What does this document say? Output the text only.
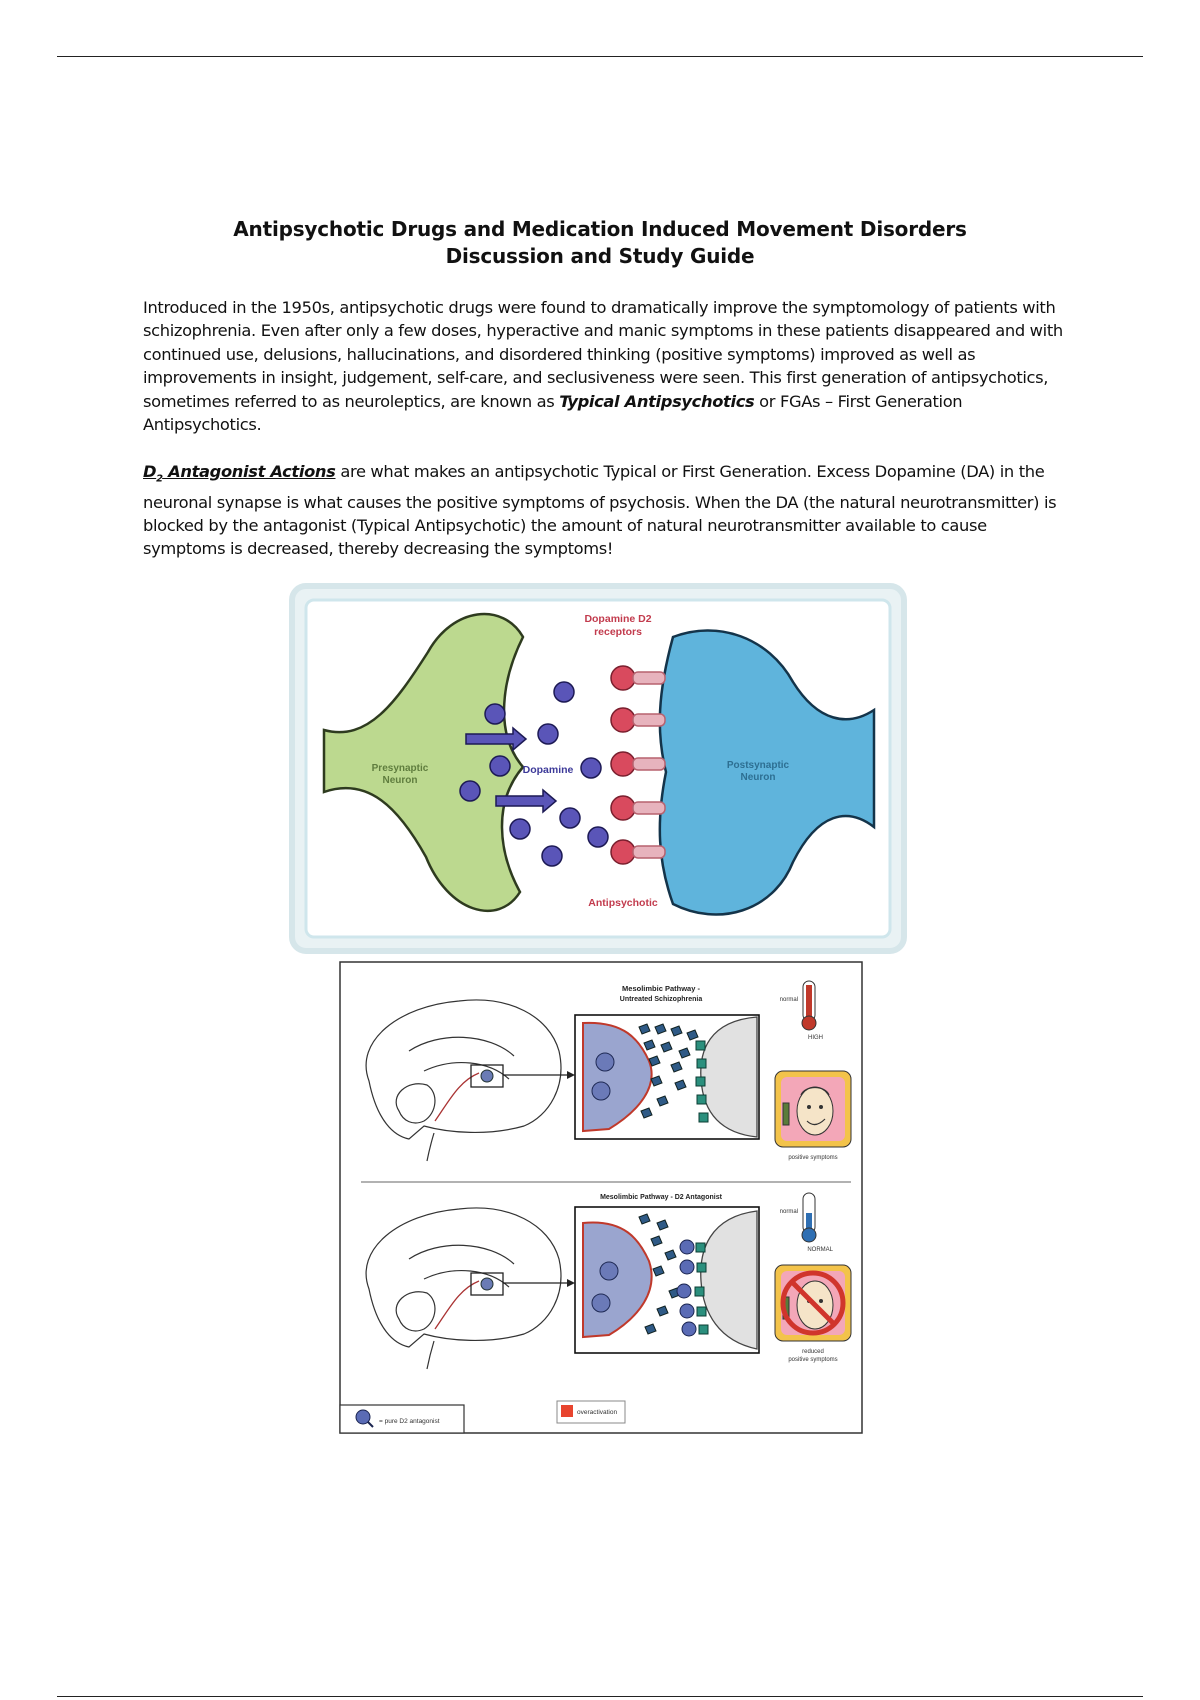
Antipsychotic Drugs and Medication Induced Movement Disorders
Discussion and Study Guide
Introduced in the 1950s, antipsychotic drugs were found to dramatically improve the symptomology of patients with schizophrenia. Even after only a few doses, hyperactive and manic symptoms in these patients disappeared and with continued use, delusions, hallucinations, and disordered thinking (positive symptoms) improved as well as improvements in insight, judgement, self-care, and seclusiveness were seen. This first generation of antipsychotics, sometimes referred to as neuroleptics, are known as Typical Antipsychotics or FGAs – First Generation Antipsychotics.
$D_2$ Antagonist Actions are what makes an antipsychotic Typical or First Generation. Excess Dopamine (DA) in the neuronal synapse is what causes the positive symptoms of psychosis. When the DA (the natural neurotransmitter) is blocked by the antagonist (Typical Antipsychotic) the amount of natural neurotransmitter available to cause symptoms is decreased, thereby decreasing the symptoms!
Dopamine D2
receptors
Presynaptic
Neuron
Postsynaptic
Neuron
Dopamine
Antipsychotic
Mesolimbic Pathway -
Untreated Schizophrenia	normal
HIGH
positive symptoms
Mesolimbic Pathway - D2 Antagonist
normal
NORMAL
reduced
positive symptoms
= pure D2 antagonist
overactivation
